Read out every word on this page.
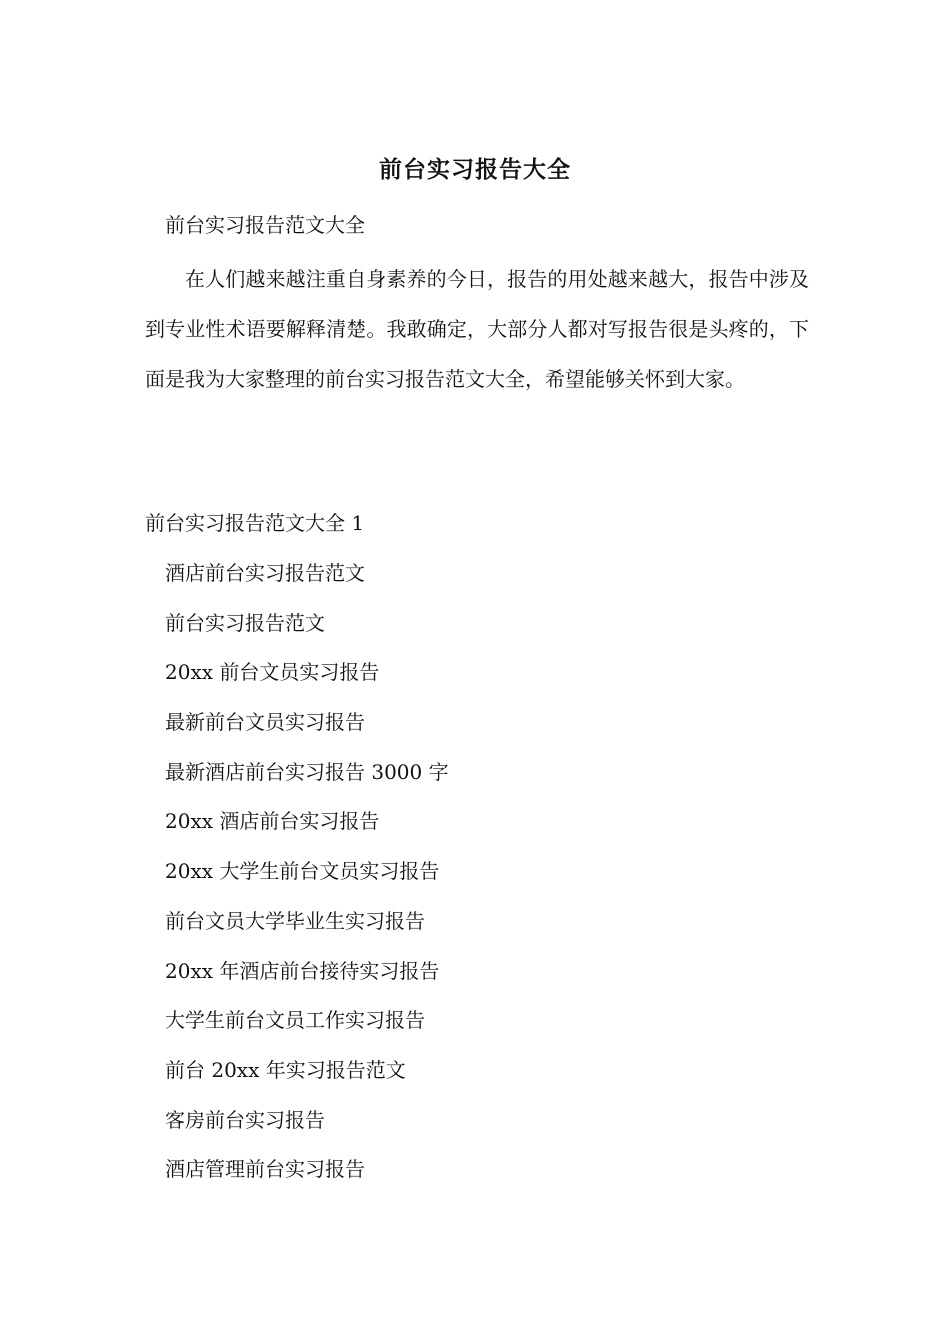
前台实习报告大全
前台实习报告范文大全

在人们越来越注重自身素养的今日，报告的用处越来越大，报告中涉及到专业性术语要解释清楚。我敢确定，大部分人都对写报告很是头疼的，下面是我为大家整理的前台实习报告范文大全，希望能够关怀到大家。

前台实习报告范文大全 1
酒店前台实习报告范文
前台实习报告范文
20xx 前台文员实习报告
最新前台文员实习报告
最新酒店前台实习报告 3000 字
20xx 酒店前台实习报告
20xx 大学生前台文员实习报告
前台文员大学毕业生实习报告
20xx 年酒店前台接待实习报告
大学生前台文员工作实习报告
前台 20xx 年实习报告范文
客房前台实习报告
酒店管理前台实习报告
